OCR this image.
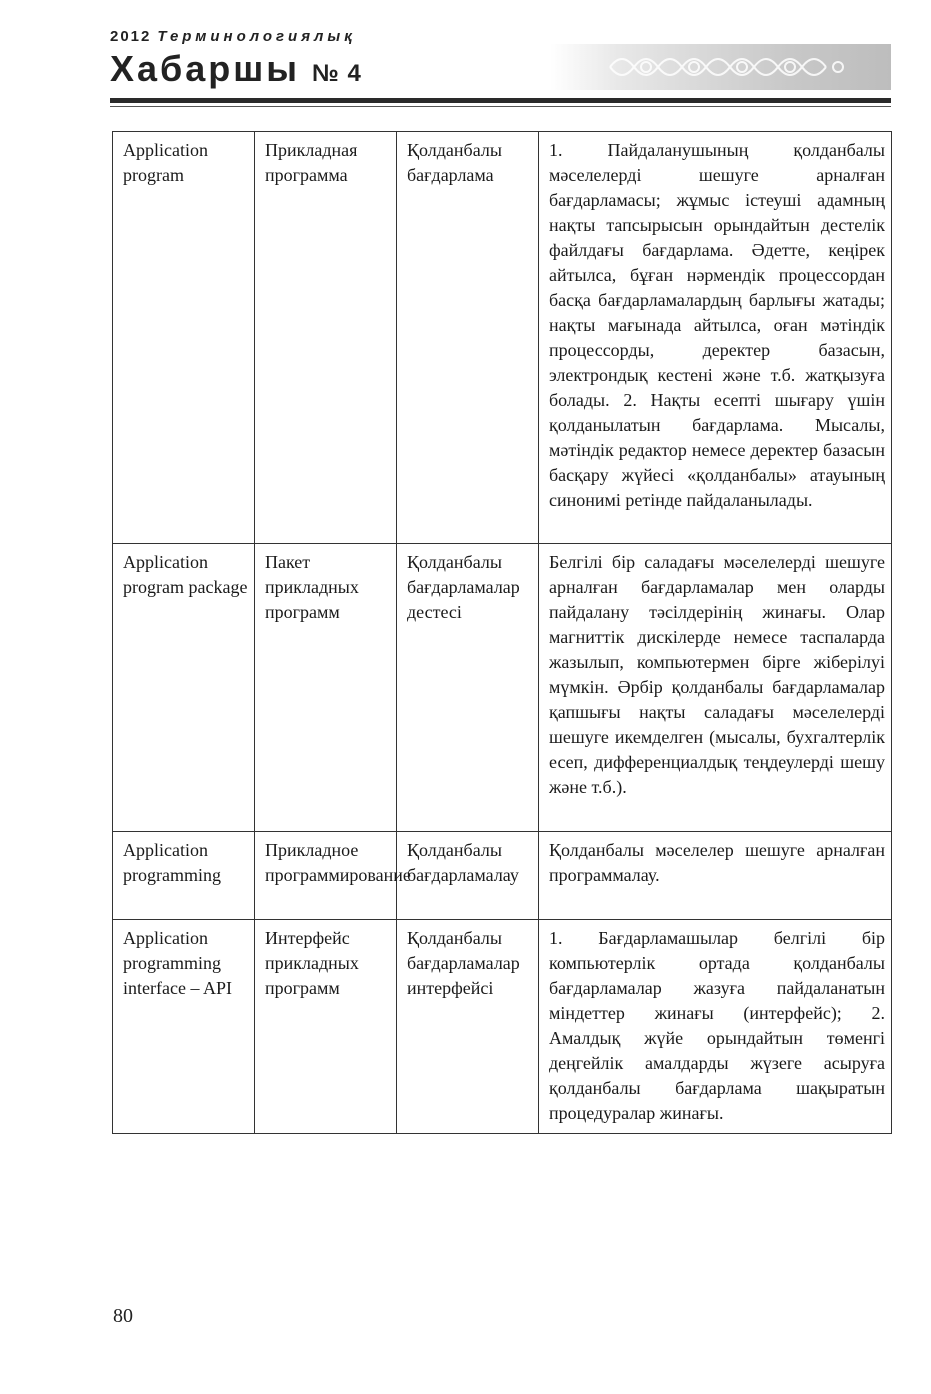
2012 Терминологиялық
Хабаршы № 4
Application program	Прикладная программа	Қолданбалы бағдарлама	1. Пайдаланушының қолданбалы мәселелерді шешуге арналған бағдарламасы; жұмыс істеуші адамның нақты тапсырысын орындайтын дестелік файлдағы бағдарлама. Әдетте, кеңірек айтылса, бұған нәрмендік процессордан басқа бағдарламалардың барлығы жатады; нақты мағынада айтылса, оған мәтіндік процессорды, деректер базасын, электрондық кестені және т.б. жатқызуға болады. 2. Нақты есепті шығару үшін қолданылатын бағдарлама. Мысалы, мәтіндік редактор немесе деректер базасын басқару жүйесі «қолданбалы» атауының синонимі ретінде пайдаланылады.
Application program package	Пакет прикладных программ	Қолданбалы бағдарламалар дестесі	Белгілі бір саладағы мәселелерді шешуге арналған бағдарламалар мен оларды пайдалану тәсілдерінің жинағы. Олар магниттік дискілерде немесе таспаларда жазылып, компьютермен бірге жіберілуі мүмкін. Әрбір қолданбалы бағдарламалар қапшығы нақты саладағы мәселелерді шешуге икемделген (мысалы, бухгалтерлік есеп, дифференциалдық теңдеулерді шешу және т.б.).
Application programming	Прикладное программирование	Қолданбалы бағдарламалау	Қолданбалы мәселелер шешуге арналған программалау.
Application programming interface – API	Интерфейс прикладных программ	Қолданбалы бағдарламалар интерфейсі	1. Бағдарламашылар белгілі бір компьютерлік ортада қолданбалы бағдарламалар жазуға пайдаланатын міндеттер жинағы (интерфейс); 2. Амалдық жүйе орындайтын төменгі деңгейлік амалдарды жүзеге асыруға қолданбалы бағдарлама шақыратын процедуралар жинағы.
80
